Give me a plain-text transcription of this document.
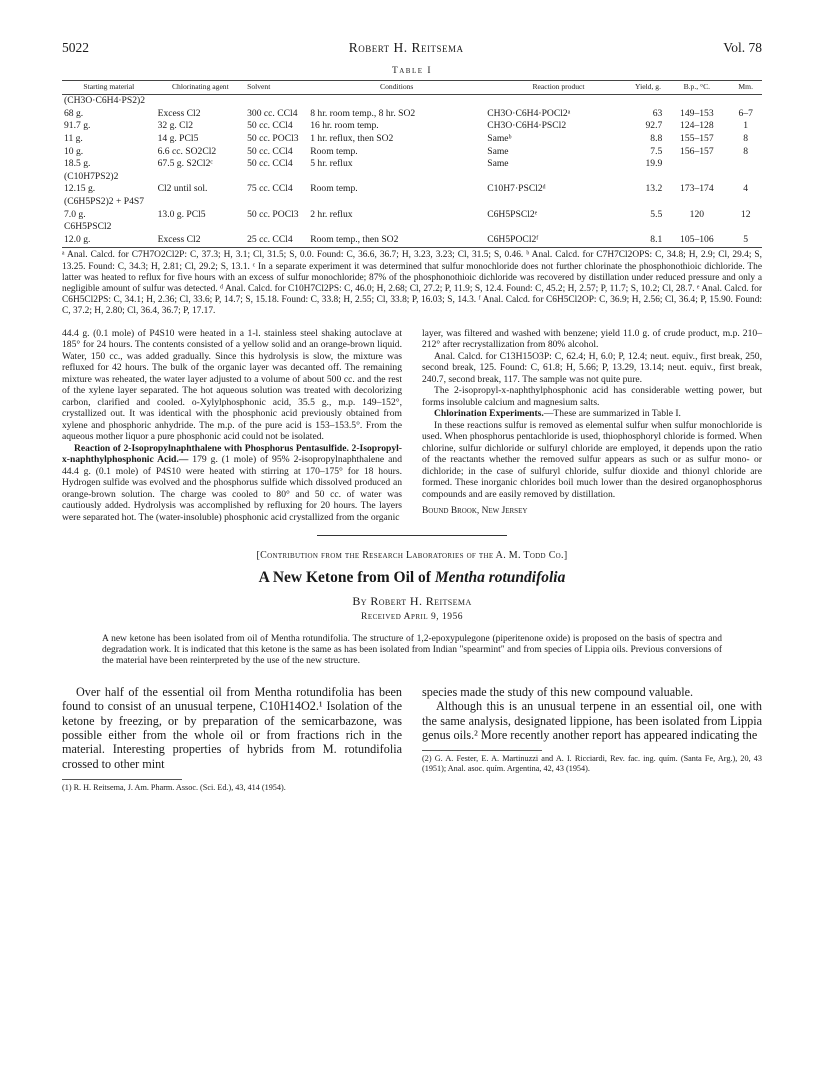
5022	Robert H. Reitsema	Vol. 78
Table I
Starting material	Chlorinating agent	Solvent	Conditions	Reaction product	Yield, g.	B.p., °C.	Mm.
(CH3O·C6H4·PS2)2							
68 g.	Excess Cl2	300 cc. CCl4	8 hr. room temp., 8 hr. SO2	CH3O·C6H4·POCl2ᵃ	63	149–153	6–7
91.7 g.	32 g. Cl2	50 cc. CCl4	16 hr. room temp.	CH3O·C6H4·PSCl2	92.7	124–128	1
11 g.	14 g. PCl5	50 cc. POCl3	1 hr. reflux, then SO2	Sameᵇ	8.8	155–157	8
10 g.	6.6 cc. SO2Cl2	50 cc. CCl4	Room temp.	Same	7.5	156–157	8
18.5 g.	67.5 g. S2Cl2ᶜ	50 cc. CCl4	5 hr. reflux	Same	19.9		
(C10H7PS2)2							
12.15 g.	Cl2 until sol.	75 cc. CCl4	Room temp.	C10H7·PSCl2ᵈ	13.2	173–174	4
(C6H5PS2)2 + P4S7							
7.0 g.	13.0 g. PCl5	50 cc. POCl3	2 hr. reflux	C6H5PSCl2ᵉ	5.5	120	12
C6H5PSCl2							
12.0 g.	Excess Cl2	25 cc. CCl4	Room temp., then SO2	C6H5POCl2ᶠ	8.1	105–106	5
ᵃ Anal. Calcd. for C7H7O2Cl2P: C, 37.3; H, 3.1; Cl, 31.5; S, 0.0. Found: C, 36.6, 36.7; H, 3.23, 3.23; Cl, 31.5; S, 0.46. ᵇ Anal. Calcd. for C7H7Cl2OPS: C, 34.8; H, 2.9; Cl, 29.4; S, 13.25. Found: C, 34.3; H, 2.81; Cl, 29.2; S, 13.1. ᶜ In a separate experiment it was determined that sulfur monochloride does not further chlorinate the phosphonothioic dichloride. The latter was heated to reflux for five hours with an excess of sulfur monochloride; 87% of the phosphonothioic dichloride was recovered by distillation under reduced pressure and only a negligible amount of sulfur was detected. ᵈ Anal. Calcd. for C10H7Cl2PS: C, 46.0; H, 2.68; Cl, 27.2; P, 11.9; S, 12.4. Found: C, 45.2; H, 2.57; P, 11.7; S, 10.2; Cl, 28.7. ᵉ Anal. Calcd. for C6H5Cl2PS: C, 34.1; H, 2.36; Cl, 33.6; P, 14.7; S, 15.18. Found: C, 33.8; H, 2.55; Cl, 33.8; P, 16.03; S, 14.3. ᶠ Anal. Calcd. for C6H5Cl2OP: C, 36.9; H, 2.56; Cl, 36.4; P, 15.90. Found: C, 37.2; H, 2.80; Cl, 36.4, 36.7; P, 17.17.

44.4 g. (0.1 mole) of P4S10 were heated in a 1-l. stainless steel shaking autoclave at 185° for 24 hours. The contents consisted of a yellow solid and an orange-brown liquid. Water, 150 cc., was added gradually. Since this hydrolysis is slow, the mixture was refluxed for 42 hours. The bulk of the organic layer was decanted off. The remaining mixture was reheated, the water layer adjusted to a volume of about 500 cc. and the rest of the xylene layer separated. The hot aqueous solution was treated with decolorizing carbon, clarified and cooled. o-Xylylphosphonic acid, 35.5 g., m.p. 149–152°, crystallized out. It was identical with the phosphonic acid previously obtained from xylene and phosphoric anhydride. The m.p. of the pure acid is 153–153.5°. From the aqueous mother liquor a pure phosphonic acid could not be isolated.

Reaction of 2-Isopropylnaphthalene with Phosphorus Pentasulfide. 2-Isopropyl-x-naphthylphosphonic Acid.— 179 g. (1 mole) of 95% 2-isopropylnaphthalene and 44.4 g. (0.1 mole) of P4S10 were heated with stirring at 170–175° for 18 hours. Hydrogen sulfide was evolved and the phosphorus sulfide which dissolved produced an orange-brown solution. The charge was cooled to 80° and 50 cc. of water was cautiously added. Hydrolysis was accomplished by refluxing for 20 hours. The layers were separated hot. The (water-insoluble) phosphonic acid crystallized from the organic

layer, was filtered and washed with benzene; yield 11.0 g. of crude product, m.p. 210–212° after recrystallization from 80% alcohol.

Anal. Calcd. for C13H15O3P: C, 62.4; H, 6.0; P, 12.4; neut. equiv., first break, 250, second break, 125. Found: C, 61.8; H, 5.66; P, 13.29, 13.14; neut. equiv., first break, 240.7, second break, 117. The sample was not quite pure.

The 2-isopropyl-x-naphthylphosphonic acid has considerable wetting power, but forms insoluble calcium and magnesium salts.

Chlorination Experiments.—These are summarized in Table I.

In these reactions sulfur is removed as elemental sulfur when sulfur monochloride is used. When phosphorus pentachloride is used, thiophosphoryl chloride is formed. When chlorine, sulfur dichloride or sulfuryl chloride are employed, it depends upon the ratio of the reactants whether the removed sulfur appears as such or as sulfur mono- or dichloride; in the case of sulfuryl chloride, sulfur dioxide and thionyl chloride are formed. These inorganic chlorides boil much lower than the desired organophosphorus compounds and are easily removed by distillation.

Bound Brook, New Jersey
[Contribution from the Research Laboratories of the A. M. Todd Co.]
A New Ketone from Oil of Mentha rotundifolia
By Robert H. Reitsema
Received April 9, 1956
A new ketone has been isolated from oil of Mentha rotundifolia. The structure of 1,2-epoxypulegone (piperitenone oxide) is proposed on the basis of spectra and degradation work. It is indicated that this ketone is the same as has been isolated from Indian "spearmint" and from species of Lippia oils. Previous conversions of the material have been reinterpreted by the use of the new structure.

Over half of the essential oil from Mentha rotundifolia has been found to consist of an unusual terpene, C10H14O2.¹ Isolation of the ketone by freezing, or by preparation of the semicarbazone, was possible either from the whole oil or from fractions rich in the material. Interesting properties of hybrids from M. rotundifolia crossed to other mint

(1) R. H. Reitsema, J. Am. Pharm. Assoc. (Sci. Ed.), 43, 414 (1954).

species made the study of this new compound valuable.

Although this is an unusual terpene in an essential oil, one with the same analysis, designated lippione, has been isolated from Lippia genus oils.² More recently another report has appeared indicating the

(2) G. A. Fester, E. A. Martinuzzi and A. I. Ricciardi, Rev. fac. ing. quím. (Santa Fe, Arg.), 20, 43 (1951); Anal. asoc. quím. Argentina, 42, 43 (1954).
